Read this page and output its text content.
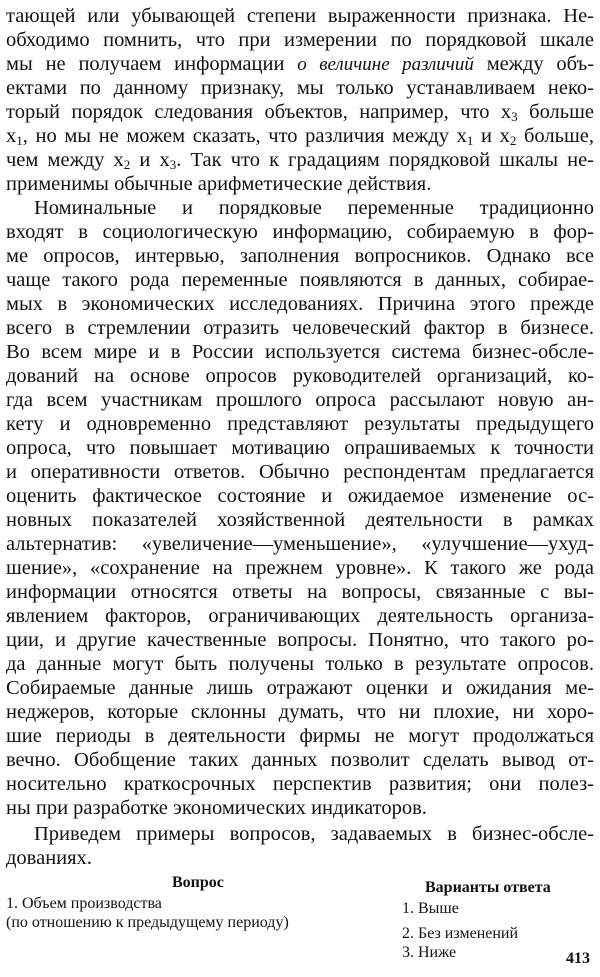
тающей или убывающей степени выраженности признака. Не-
обходимо помнить, что при измерении по порядковой шкале
мы не получаем информации о величине различий между объ-
ектами по данному признаку, мы только устанавливаем неко-
торый порядок следования объектов, например, что $x_3$ больше
$x_1$, но мы не можем сказать, что различия между $x_1$ и $x_2$ больше,
чем между $x_2$ и $x_3$. Так что к градациям порядковой шкалы не-
применимы обычные арифметические действия.
Номинальные и порядковые переменные традиционно
входят в социологическую информацию, собираемую в фор-
ме опросов, интервью, заполнения вопросников. Однако все
чаще такого рода переменные появляются в данных, собирае-
мых в экономических исследованиях. Причина этого прежде
всего в стремлении отразить человеческий фактор в бизнесе.
Во всем мире и в России используется система бизнес-обсле-
дований на основе опросов руководителей организаций, ко-
гда всем участникам прошлого опроса рассылают новую ан-
кету и одновременно представляют результаты предыдущего
опроса, что повышает мотивацию опрашиваемых к точности
и оперативности ответов. Обычно респондентам предлагается
оценить фактическое состояние и ожидаемое изменение ос-
новных показателей хозяйственной деятельности в рамках
альтернатив: «увеличение—уменьшение», «улучшение—ухуд-
шение», «сохранение на прежнем уровне». К такого же рода
информации относятся ответы на вопросы, связанные с вы-
явлением факторов, ограничивающих деятельность организа-
ции, и другие качественные вопросы. Понятно, что такого ро-
да данные могут быть получены только в результате опросов.
Собираемые данные лишь отражают оценки и ожидания ме-
неджеров, которые склонны думать, что ни плохие, ни хоро-
шие периоды в деятельности фирмы не могут продолжаться
вечно. Обобщение таких данных позволит сделать вывод от-
носительно краткосрочных перспектив развития; они полез-
ны при разработке экономических индикаторов.
Приведем примеры вопросов, задаваемых в бизнес-обсле-
дованиях.
Вопрос	Варианты ответа
1. Объем производства
(по отношению к предыдущему периоду)
1. Выше
2. Без изменений
3. Ниже	413
